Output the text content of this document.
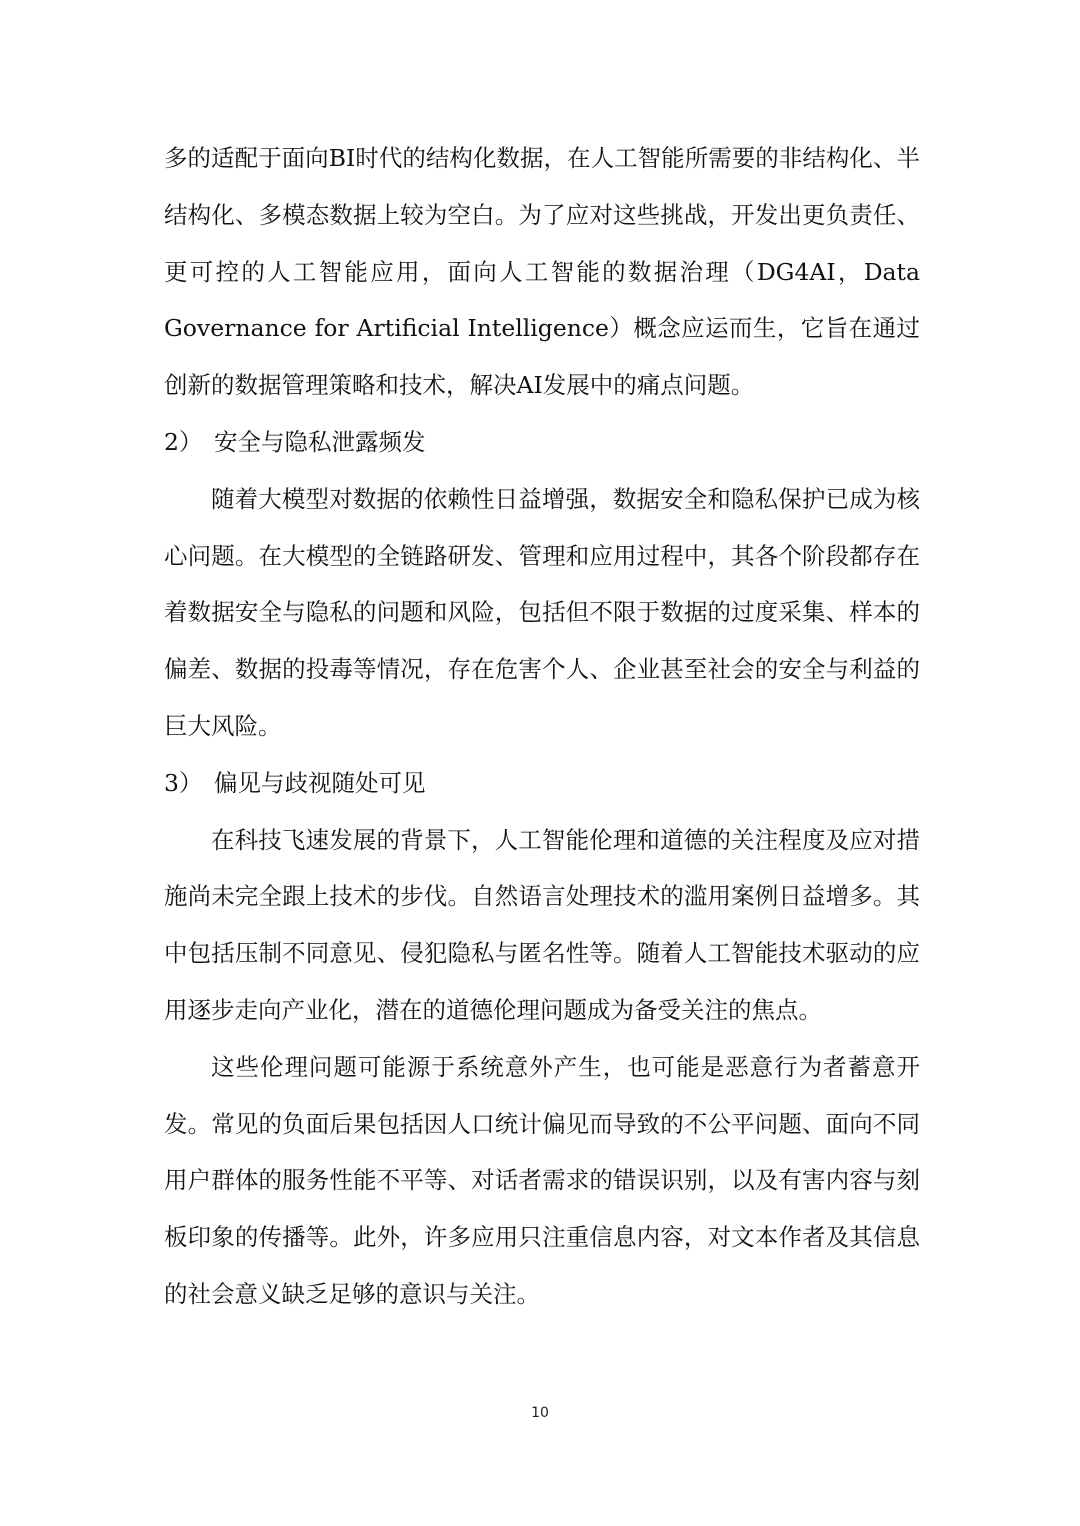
多的适配于面向BI时代的结构化数据，在人工智能所需要的非结构化、半结构化、多模态数据上较为空白。为了应对这些挑战，开发出更负责任、更可控的人工智能应用，面向人工智能的数据治理（DG4AI，Data Governance for Artificial Intelligence）概念应运而生，它旨在通过创新的数据管理策略和技术，解决AI发展中的痛点问题。

2） 安全与隐私泄露频发

随着大模型对数据的依赖性日益增强，数据安全和隐私保护已成为核心问题。在大模型的全链路研发、管理和应用过程中，其各个阶段都存在着数据安全与隐私的问题和风险，包括但不限于数据的过度采集、样本的偏差、数据的投毒等情况，存在危害个人、企业甚至社会的安全与利益的巨大风险。

3） 偏见与歧视随处可见

在科技飞速发展的背景下，人工智能伦理和道德的关注程度及应对措施尚未完全跟上技术的步伐。自然语言处理技术的滥用案例日益增多。其中包括压制不同意见、侵犯隐私与匿名性等。随着人工智能技术驱动的应用逐步走向产业化，潜在的道德伦理问题成为备受关注的焦点。

这些伦理问题可能源于系统意外产生，也可能是恶意行为者蓄意开发。常见的负面后果包括因人口统计偏见而导致的不公平问题、面向不同用户群体的服务性能不平等、对话者需求的错误识别，以及有害内容与刻板印象的传播等。此外，许多应用只注重信息内容，对文本作者及其信息的社会意义缺乏足够的意识与关注。

10
